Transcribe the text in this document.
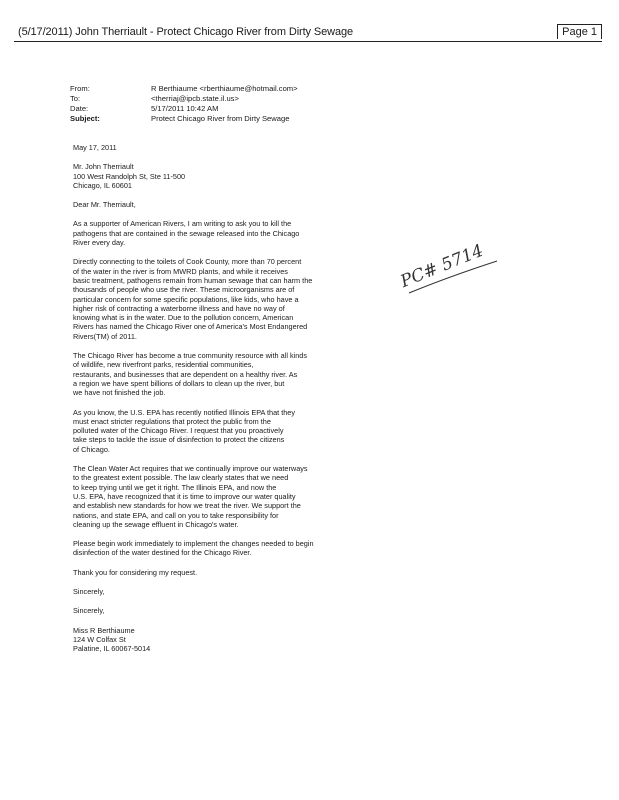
(5/17/2011) John Therriault - Protect Chicago River from Dirty Sewage	Page 1
From:	R Berthiaume <rberthiaume@hotmail.com>
To:	<therriaj@ipcb.state.il.us>
Date:	5/17/2011 10:42 AM
Subject:	Protect Chicago River from Dirty Sewage
May 17, 2011
Mr. John Therriault
100 West Randolph St, Ste 11-500
Chicago, IL 60601
Dear Mr. Therriault,
As a supporter of American Rivers, I am writing to ask you to kill the
pathogens that are contained in the sewage released into the Chicago
River every day.
Directly connecting to the toilets of Cook County, more than 70 percent
of the water in the river is from MWRD plants, and while it receives
basic treatment, pathogens remain from human sewage that can harm the
thousands of people who use the river. These microorganisms are of
particular concern for some specific populations, like kids, who have a
higher risk of contracting a waterborne illness and have no way of
knowing what is in the water. Due to the pollution concern, American
Rivers has named the Chicago River one of America's Most Endangered
Rivers(TM) of 2011.
The Chicago River has become a true community resource with all kinds
of wildlife, new riverfront parks, residential communities,
restaurants, and businesses that are dependent on a healthy river. As
a region we have spent billions of dollars to clean up the river, but
we have not finished the job.
As you know, the U.S. EPA has recently notified Illinois EPA that they
must enact stricter regulations that protect the public from the
polluted water of the Chicago River. I request that you proactively
take steps to tackle the issue of disinfection to protect the citizens
of Chicago.
The Clean Water Act requires that we continually improve our waterways
to the greatest extent possible. The law clearly states that we need
to keep trying until we get it right. The Illinois EPA, and now the
U.S. EPA, have recognized that it is time to improve our water quality
and establish new standards for how we treat the river. We support the
nations, and state EPA, and call on you to take responsibility for
cleaning up the sewage effluent in Chicago's water.
Please begin work immediately to implement the changes needed to begin
disinfection of the water destined for the Chicago River.
Thank you for considering my request.
Sincerely,
Sincerely,
Miss R Berthiaume
124 W Colfax St
Palatine, IL 60067-5014
PC# 5714
